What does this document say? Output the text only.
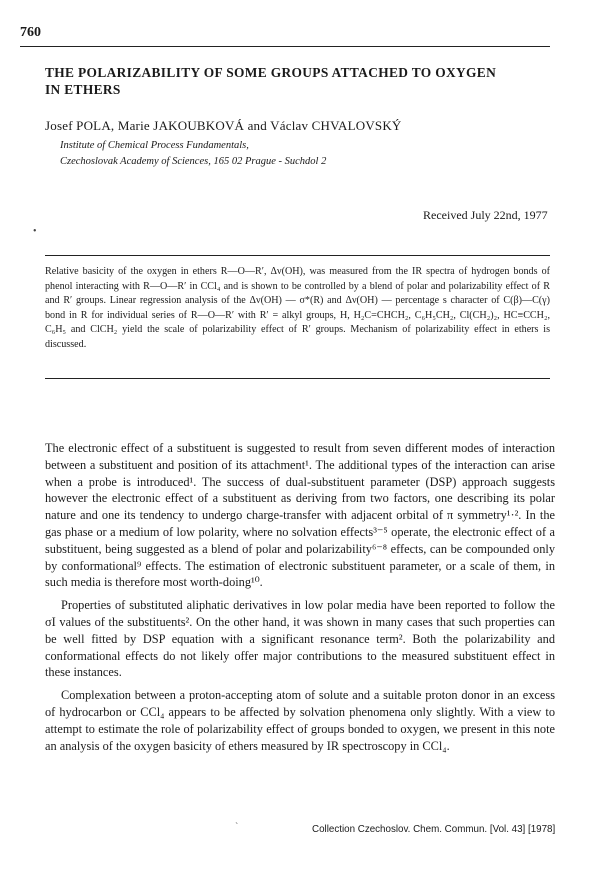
760
THE POLARIZABILITY OF SOME GROUPS ATTACHED TO OXYGEN IN ETHERS
Josef POLA, Marie JAKOUBKOVÁ and Václav CHVALOVSKÝ
Institute of Chemical Process Fundamentals,
Czechoslovak Academy of Sciences, 165 02 Prague - Suchdol 2
Received July 22nd, 1977
•
Relative basicity of the oxygen in ethers R—O—R′, Δν(OH), was measured from the IR spectra of hydrogen bonds of phenol interacting with R—O—R′ in CCl₄ and is shown to be controlled by a blend of polar and polarizability effect of R and R′ groups. Linear regression analysis of the Δν(OH) — σ*(R) and Δν(OH) — percentage s character of C(β)—C(γ) bond in R for individual series of R—O—R′ with R′ = alkyl groups, H, H₂C=CHCH₂, C₆H₅CH₂, Cl(CH₂)₂, HC≡CCH₂, C₆H₅ and ClCH₂ yield the scale of polarizability effect of R′ groups. Mechanism of polarizability effect in ethers is discussed.

The electronic effect of a substituent is suggested to result from seven different modes of interaction between a substituent and position of its attachment¹. The additional types of the interaction can arise when a probe is introduced¹. The success of dual-substituent parameter (DSP) approach suggests however the electronic effect of a substituent as deriving from two factors, one describing its polar nature and one its tendency to undergo charge-transfer with adjacent orbital of π symmetry¹·². In the gas phase or a medium of low polarity, where no solvation effects³⁻⁵ operate, the electronic effect of a substituent, being suggested as a blend of polar and polarizability⁶⁻⁸ effects, can be compounded only by conformational⁹ effects. The estimation of electronic substituent parameter, or a scale of them, in such media is therefore most worth-doing¹⁰.

Properties of substituted aliphatic derivatives in low polar media have been reported to follow the σI values of the substituents². On the other hand, it was shown in many cases that such properties can be well fitted by DSP equation with a significant resonance term². Both the polarizability and conformational effects do not likely offer major contributions to the measured substituent effect in these instances.

Complexation between a proton-accepting atom of solute and a suitable proton donor in an excess of hydrocarbon or CCl₄ appears to be affected by solvation phenomena only slightly. With a view to attempt to estimate the role of polarizability effect of groups bonded to oxygen, we present in this note an analysis of the oxygen basicity of ethers measured by IR spectroscopy in CCl₄.

ˋ	Collection Czechoslov. Chem. Commun. [Vol. 43] [1978]
